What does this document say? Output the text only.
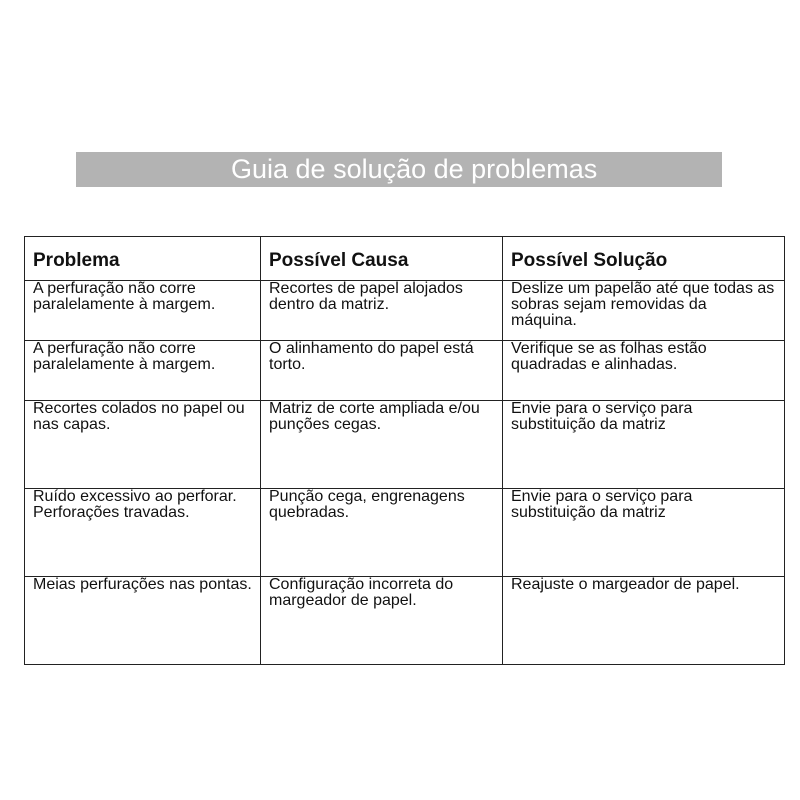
Guia de solução de problemas
Problema	Possível Causa	Possível Solução
A perfuração não corre paralelamente à margem.	Recortes de papel alojados dentro da matriz.	Deslize um papelão até que todas as sobras sejam removidas da máquina.
A perfuração não corre paralelamente à margem.	O alinhamento do papel está torto.	Verifique se as folhas estão quadradas e alinhadas.
Recortes colados no papel ou nas capas.	Matriz de corte ampliada e/ou punções cegas.	Envie para o serviço para substituição da matriz
Ruído excessivo ao perforar. Perforações travadas.	Punção cega, engrenagens quebradas.	Envie para o serviço para substituição da matriz
Meias perfurações nas pontas.	Configuração incorreta do margeador de papel.	Reajuste o margeador de papel.
